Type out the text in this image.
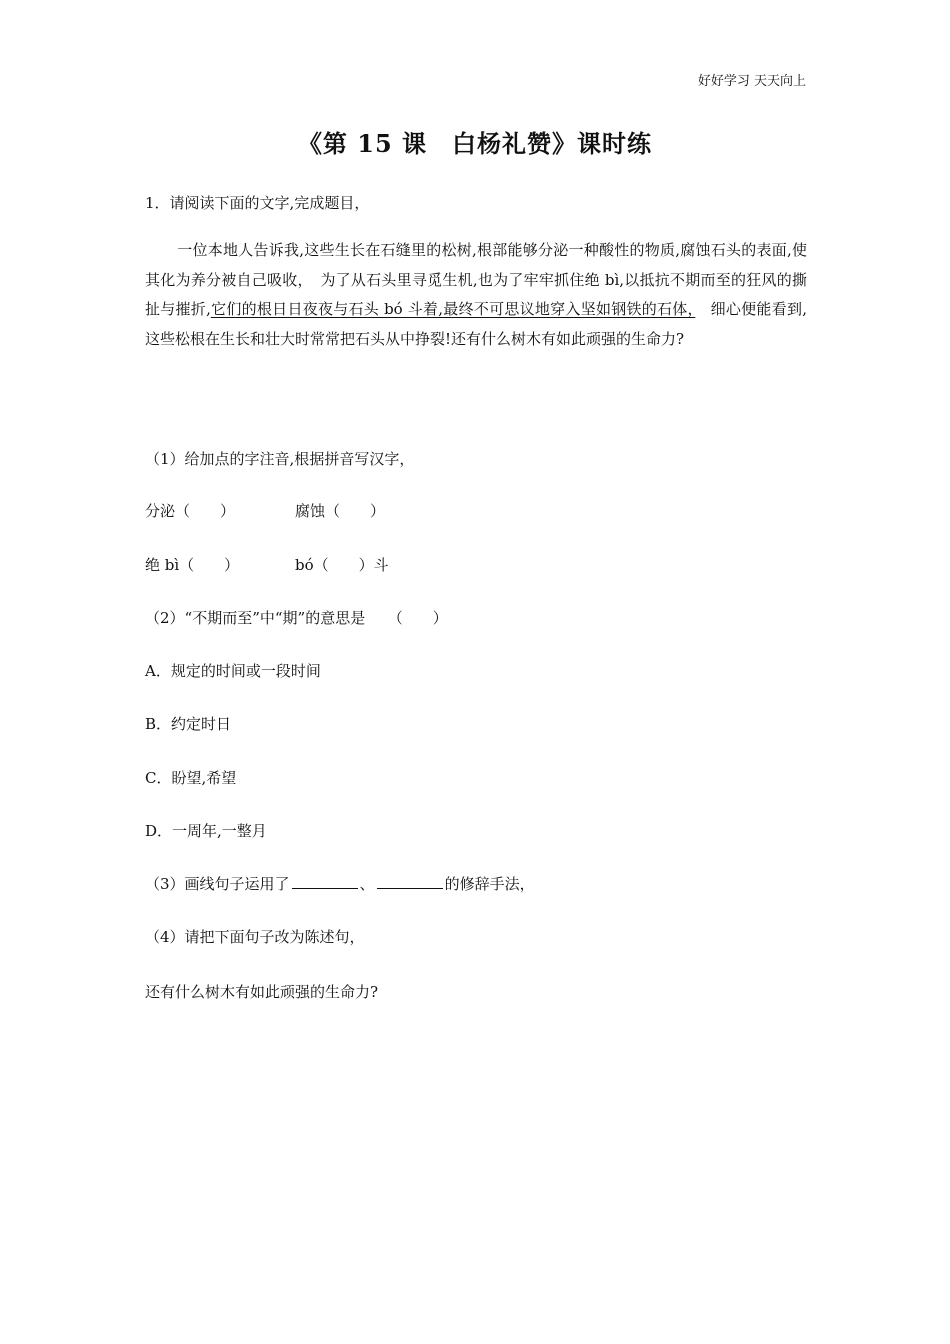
好好学习 天天向上
《第 15 课　白杨礼赞》课时练
1．请阅读下面的文字,完成题目，
一位本地人告诉我,这些生长在石缝里的松树,根部能够分泌一种酸性的物质,腐蚀石头的表面,使其化为养分被自己吸收，　为了从石头里寻觅生机,也为了牢牢抓住绝 bì,以抵抗不期而至的狂风的撕扯与摧折,它们的根日日夜夜与石头 bó 斗着,最终不可思议地穿入坚如钢铁的石体，　 细心便能看到,这些松根在生长和壮大时常常把石头从中挣裂!还有什么树木有如此顽强的生命力?
（1）给加点的字注音,根据拼音写汉字，
分泌（　　）	腐蚀（　　）
绝 bì（　　）	bó（　　）斗
（2）“不期而至”中“期”的意思是　　（　　）
A．规定的时间或一段时间
B．约定时日
C．盼望,希望
D．一周年,一整月
（3）画线句子运用了	、	的修辞手法，
（4）请把下面句子改为陈述句，
还有什么树木有如此顽强的生命力?
